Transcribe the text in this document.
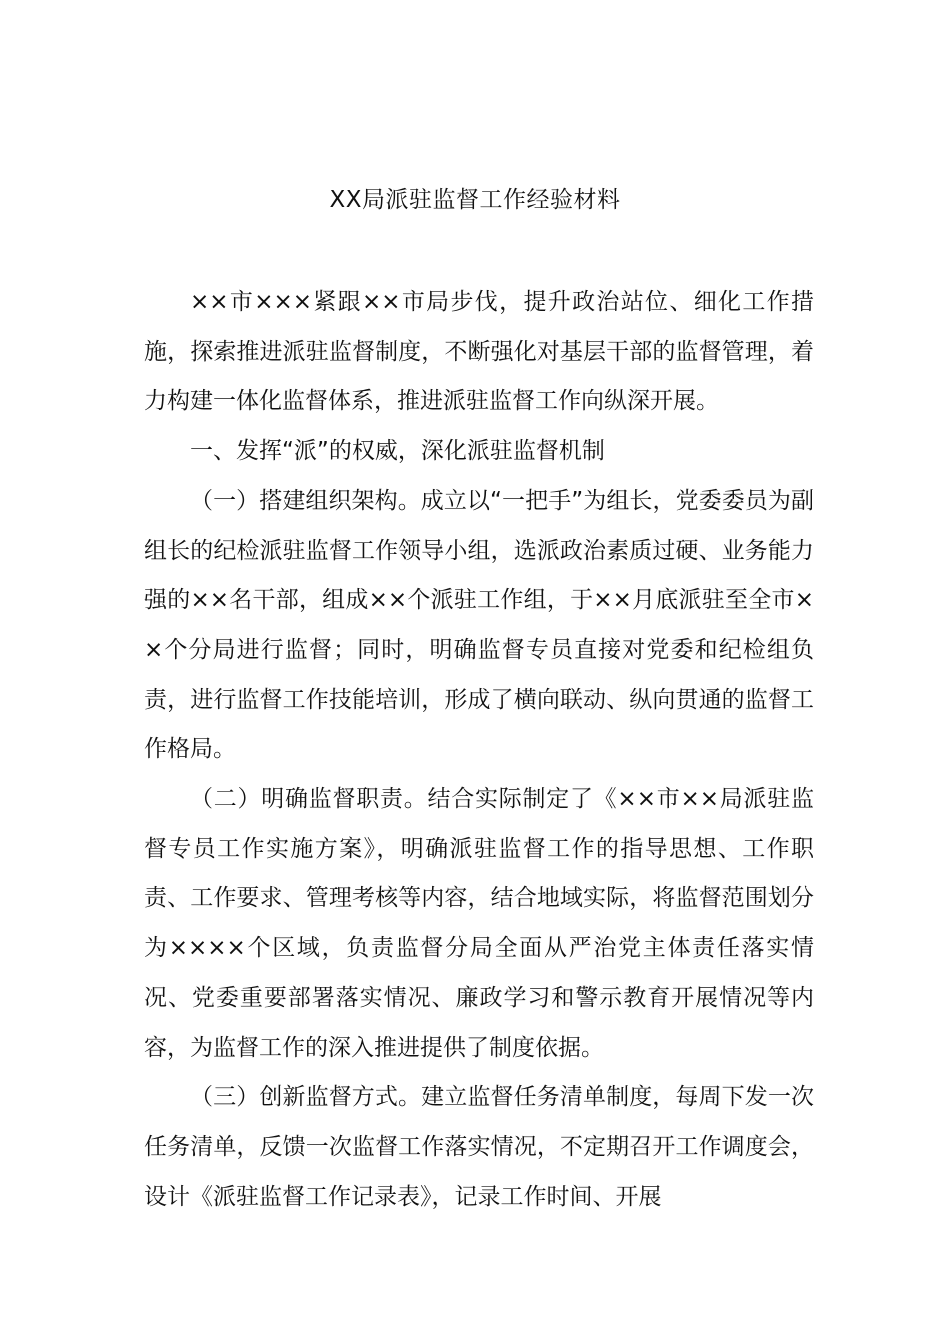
XX局派驻监督工作经验材料

××市×××紧跟××市局步伐，提升政治站位、细化工作措施，探索推进派驻监督制度，不断强化对基层干部的监督管理，着力构建一体化监督体系，推进派驻监督工作向纵深开展。

一、发挥“派”的权威，深化派驻监督机制

（一）搭建组织架构。成立以“一把手”为组长，党委委员为副组长的纪检派驻监督工作领导小组，选派政治素质过硬、业务能力强的××名干部，组成××个派驻工作组，于××月底派驻至全市××个分局进行监督；同时，明确监督专员直接对党委和纪检组负责，进行监督工作技能培训，形成了横向联动、纵向贯通的监督工作格局。

（二）明确监督职责。结合实际制定了《××市××局派驻监督专员工作实施方案》，明确派驻监督工作的指导思想、工作职责、工作要求、管理考核等内容，结合地域实际，将监督范围划分为××××个区域，负责监督分局全面从严治党主体责任落实情况、党委重要部署落实情况、廉政学习和警示教育开展情况等内容，为监督工作的深入推进提供了制度依据。

（三）创新监督方式。建立监督任务清单制度，每周下发一次任务清单，反馈一次监督工作落实情况，不定期召开工作调度会，设计《派驻监督工作记录表》，记录工作时间、开展
